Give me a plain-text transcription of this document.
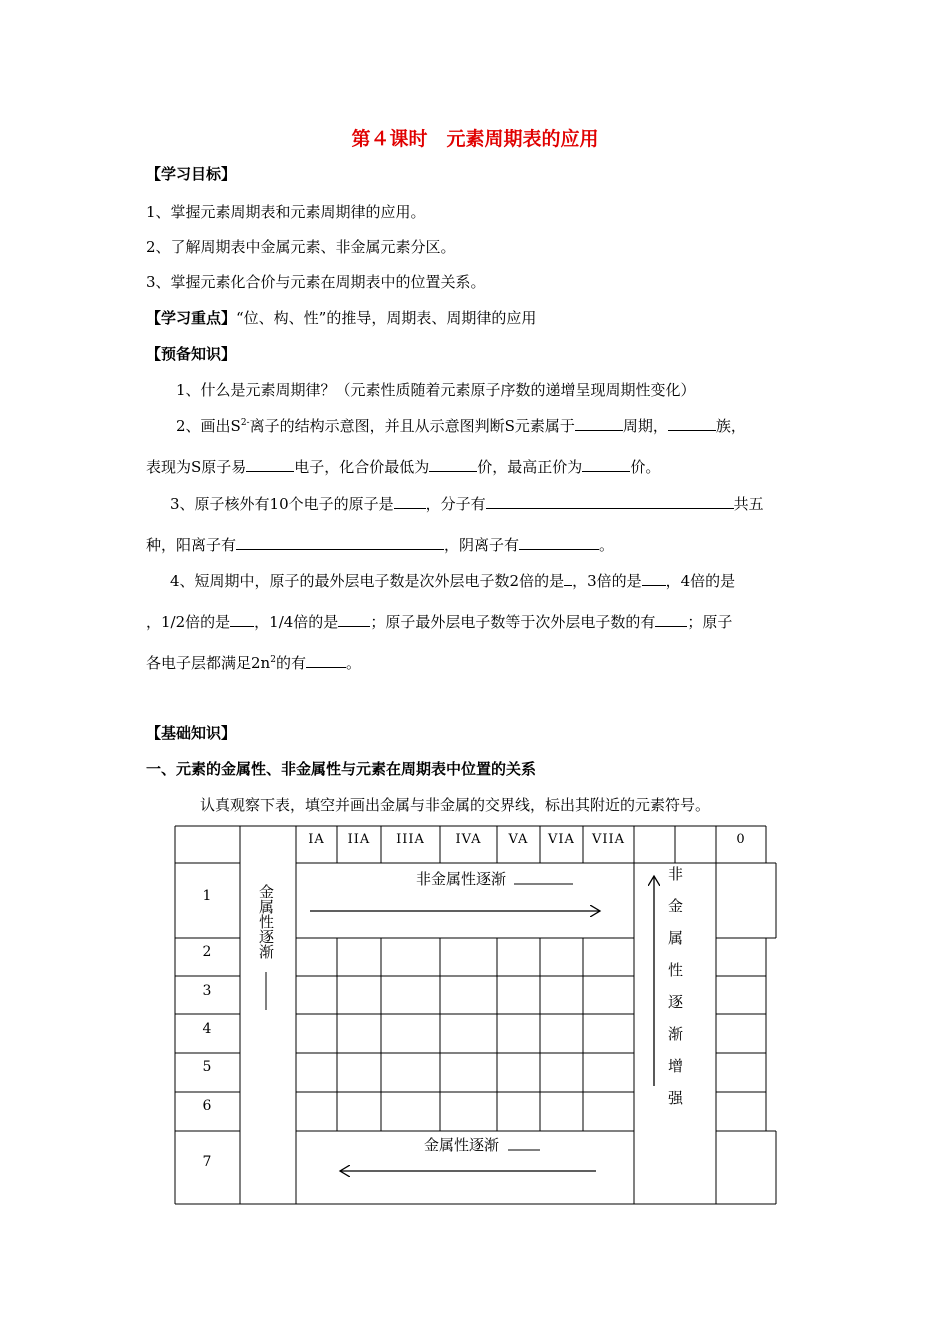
第４课时　元素周期表的应用
【学习目标】
1、掌握元素周期表和元素周期律的应用。
2、了解周期表中金属元素、非金属元素分区。
3、掌握元素化合价与元素在周期表中的位置关系。
【学习重点】“位、构、性”的推导，周期表、周期律的应用
【预备知识】
1、什么是元素周期律？（元素性质随着元素原子序数的递增呈现周期性变化）
2、画出$S^{2-}$离子的结构示意图，并且从示意图判断S元素属于	周期，	族，
表现为S原子易	电子，化合价最低为	价，最高正价为	价。
3、原子核外有10个电子的原子是 ，分子有	共五
种，阳离子有	，阴离子有	。
4、短周期中，原子的最外层电子数是次外层电子数2倍的是 ，3倍的是 ，4倍的是
，1/2倍的是 ，1/4倍的是 ；原子最外层电子数等于次外层电子数的有 ；原子
各电子层都满足$2n^2$的有	。
【基础知识】
一、元素的金属性、非金属性与元素在周期表中位置的关系
认真观察下表，填空并画出金属与非金属的交界线，标出其附近的元素符号。
IA	IIA	IIIA	IVA	VA	VIA	VIIA	0
1
2
3
4
5
6
7
金属性逐渐	非金属性逐渐增强
非金属性逐渐
金属性逐渐
